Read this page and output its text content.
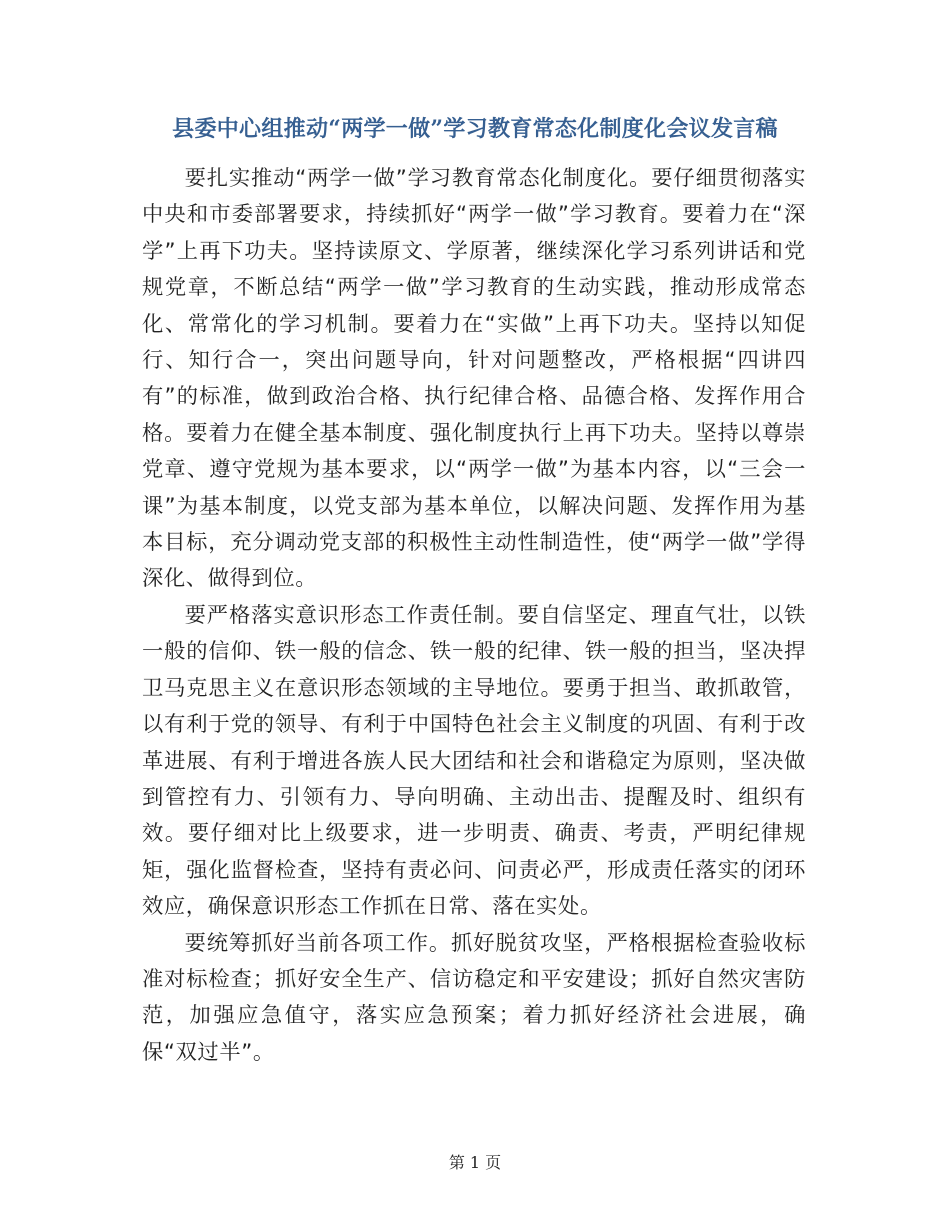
县委中心组推动“两学一做”学习教育常态化制度化会议发言稿

要扎实推动“两学一做”学习教育常态化制度化。要仔细贯彻落实中央和市委部署要求，持续抓好“两学一做”学习教育。要着力在“深学”上再下功夫。坚持读原文、学原著，继续深化学习系列讲话和党规党章，不断总结“两学一做”学习教育的生动实践，推动形成常态化、常常化的学习机制。要着力在“实做”上再下功夫。坚持以知促行、知行合一，突出问题导向，针对问题整改，严格根据“四讲四有”的标准，做到政治合格、执行纪律合格、品德合格、发挥作用合格。要着力在健全基本制度、强化制度执行上再下功夫。坚持以尊崇党章、遵守党规为基本要求，以“两学一做”为基本内容，以“三会一课”为基本制度，以党支部为基本单位，以解决问题、发挥作用为基本目标，充分调动党支部的积极性主动性制造性，使“两学一做”学得深化、做得到位。

要严格落实意识形态工作责任制。要自信坚定、理直气壮，以铁一般的信仰、铁一般的信念、铁一般的纪律、铁一般的担当，坚决捍卫马克思主义在意识形态领域的主导地位。要勇于担当、敢抓敢管，以有利于党的领导、有利于中国特色社会主义制度的巩固、有利于改革进展、有利于增进各族人民大团结和社会和谐稳定为原则，坚决做到管控有力、引领有力、导向明确、主动出击、提醒及时、组织有效。要仔细对比上级要求，进一步明责、确责、考责，严明纪律规矩，强化监督检查，坚持有责必问、问责必严，形成责任落实的闭环效应，确保意识形态工作抓在日常、落在实处。

要统筹抓好当前各项工作。抓好脱贫攻坚，严格根据检查验收标准对标检查；抓好安全生产、信访稳定和平安建设；抓好自然灾害防范，加强应急值守，落实应急预案；着力抓好经济社会进展，确保“双过半”。

第 1 页
